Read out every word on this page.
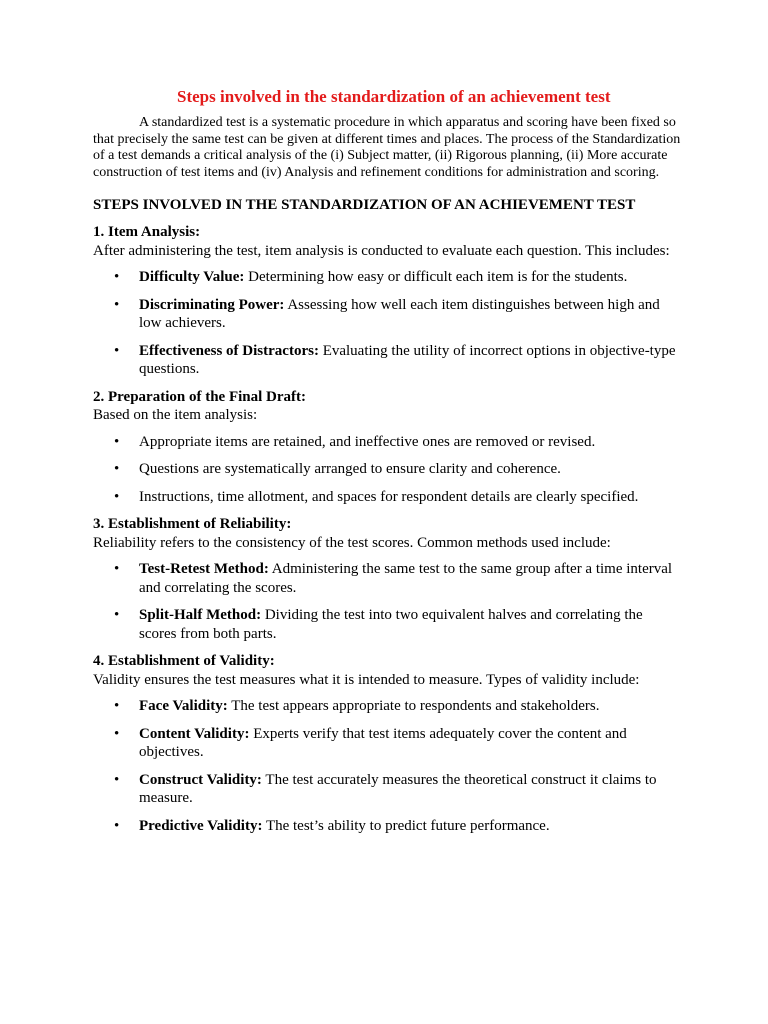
Steps involved in the standardization of an achievement test

A standardized test is a systematic procedure in which apparatus and scoring have been fixed so that precisely the same test can be given at different times and places. The process of the Standardization of a test demands a critical analysis of the (i) Subject matter, (ii) Rigorous planning, (ii) More accurate construction of test items and (iv) Analysis and refinement conditions for administration and scoring.

STEPS INVOLVED IN THE STANDARDIZATION OF AN ACHIEVEMENT TEST

1. Item Analysis:

After administering the test, item analysis is conducted to evaluate each question. This includes:

• Difficulty Value: Determining how easy or difficult each item is for the students.
• Discriminating Power: Assessing how well each item distinguishes between high and low achievers.
• Effectiveness of Distractors: Evaluating the utility of incorrect options in objective-type questions.

2. Preparation of the Final Draft:

Based on the item analysis:

• Appropriate items are retained, and ineffective ones are removed or revised.
• Questions are systematically arranged to ensure clarity and coherence.
• Instructions, time allotment, and spaces for respondent details are clearly specified.

3. Establishment of Reliability:

Reliability refers to the consistency of the test scores. Common methods used include:

• Test-Retest Method: Administering the same test to the same group after a time interval and correlating the scores.
• Split-Half Method: Dividing the test into two equivalent halves and correlating the scores from both parts.

4. Establishment of Validity:

Validity ensures the test measures what it is intended to measure. Types of validity include:

• Face Validity: The test appears appropriate to respondents and stakeholders.
• Content Validity: Experts verify that test items adequately cover the content and objectives.
• Construct Validity: The test accurately measures the theoretical construct it claims to measure.
• Predictive Validity: The test’s ability to predict future performance.
